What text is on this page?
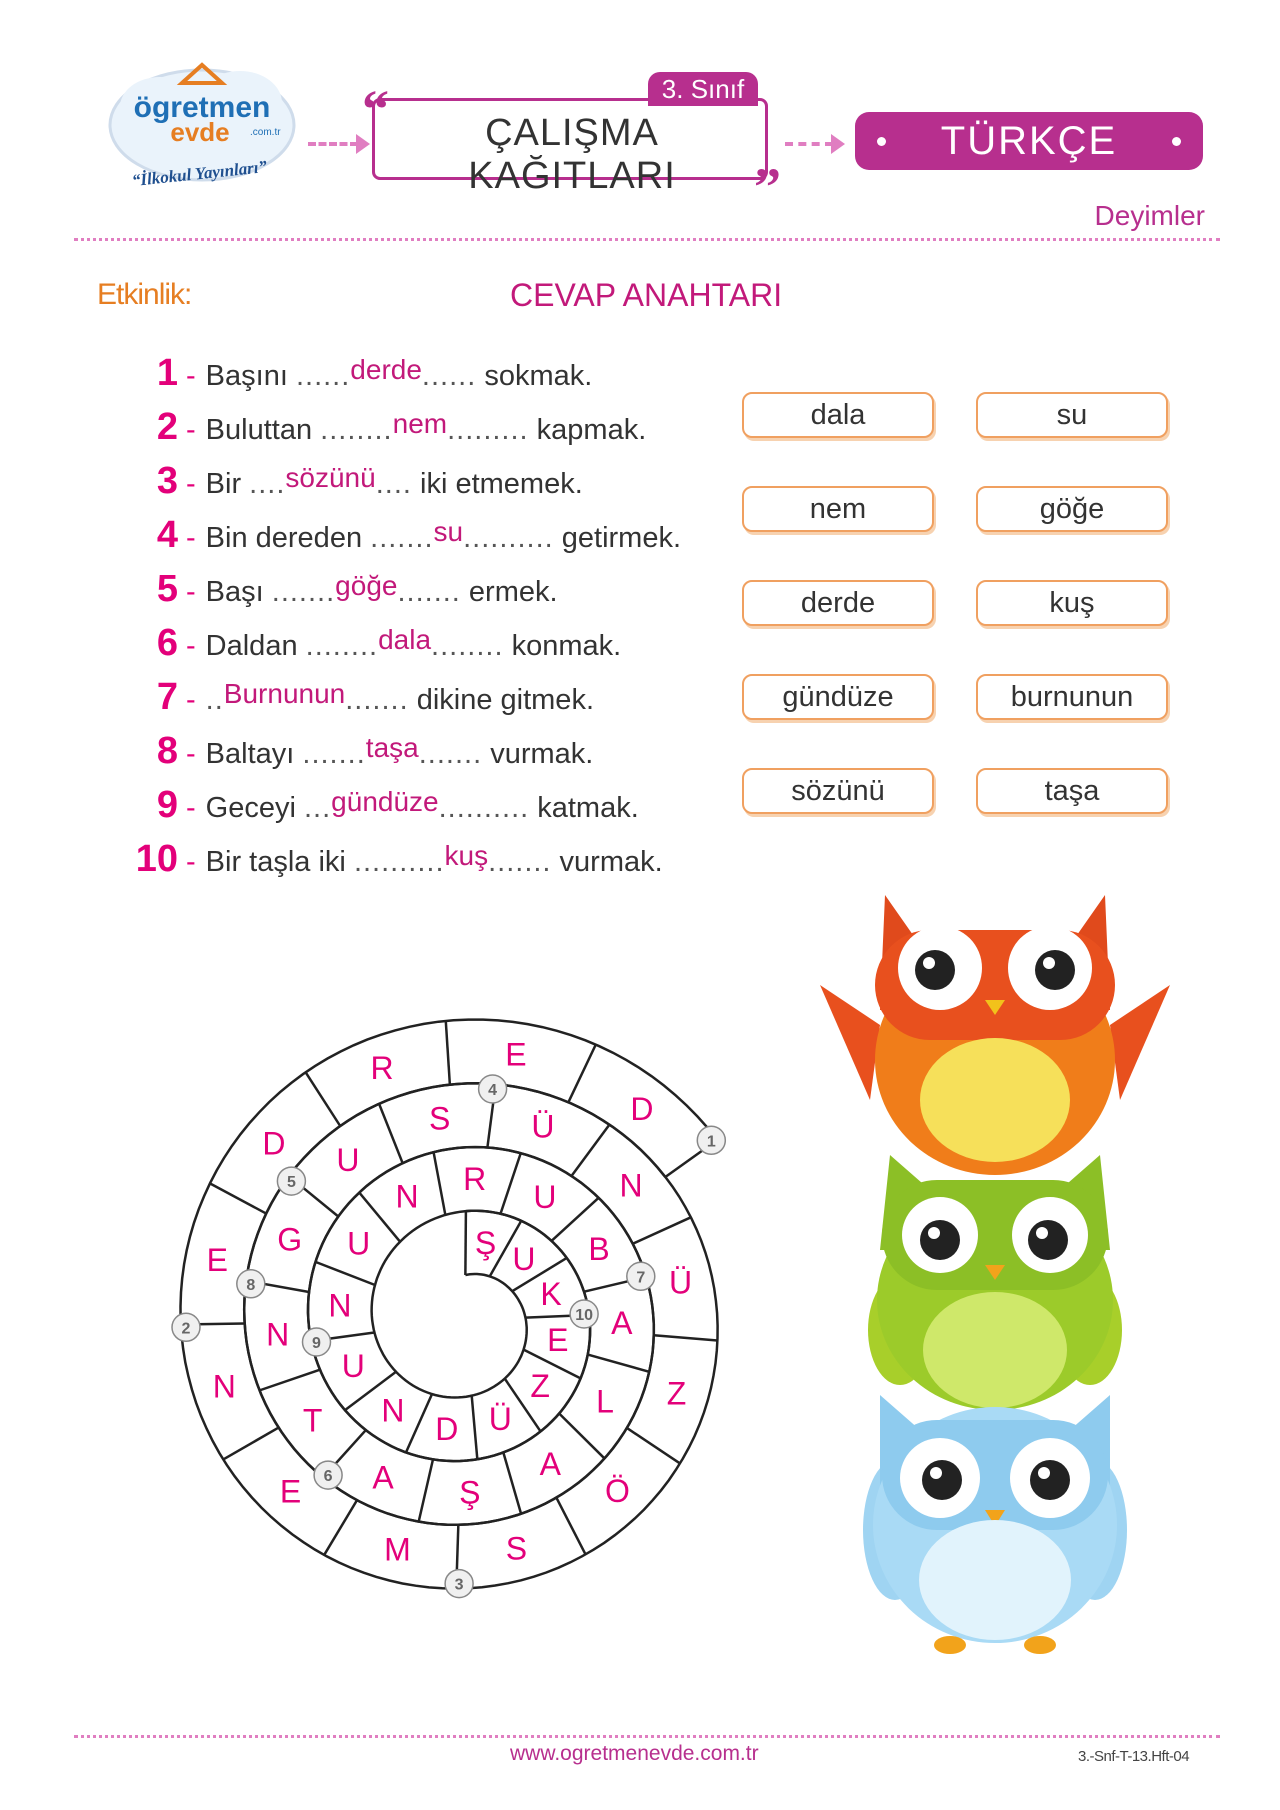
ögretmen
evde .com.tr
“İlkokul Yayınları”
3. Sınıf
“	ÇALIŞMA KAĞITLARI	”
TÜRKÇE
Deyimler
Etkinlik:	CEVAP ANAHTARI
1 - Başını ......derde...... sokmak.
2 - Buluttan ........nem......... kapmak.
3 - Bir ....sözünü.... iki etmemek.
4 - Bin dereden .......su.......... getirmek.
5 - Başı .......göğe....... ermek.
6 - Daldan ........dala........ konmak.
7 - ..Burnunun....... dikine gitmek.
8 - Baltayı .......taşa....... vurmak.
9 - Geceyi ...gündüze.......... katmak.
10 - Bir taşla iki ..........kuş....... vurmak.
dala	su
nem	göğe
derde	kuş
gündüze	burnunun
sözünü	taşa
D
E
R
D
E
N
E
M	S
Ö
Z
Ü
N
Ü
S
U
G
N
T
A Ş
A
L
A
B
U
R
N
U
N
U
N
D Ü
Z
E
K
U
Ş
1
2
3
4
5
6
7
8
9
10
www.ogretmenevde.com.tr	3.-Snf-T-13.Hft-04
